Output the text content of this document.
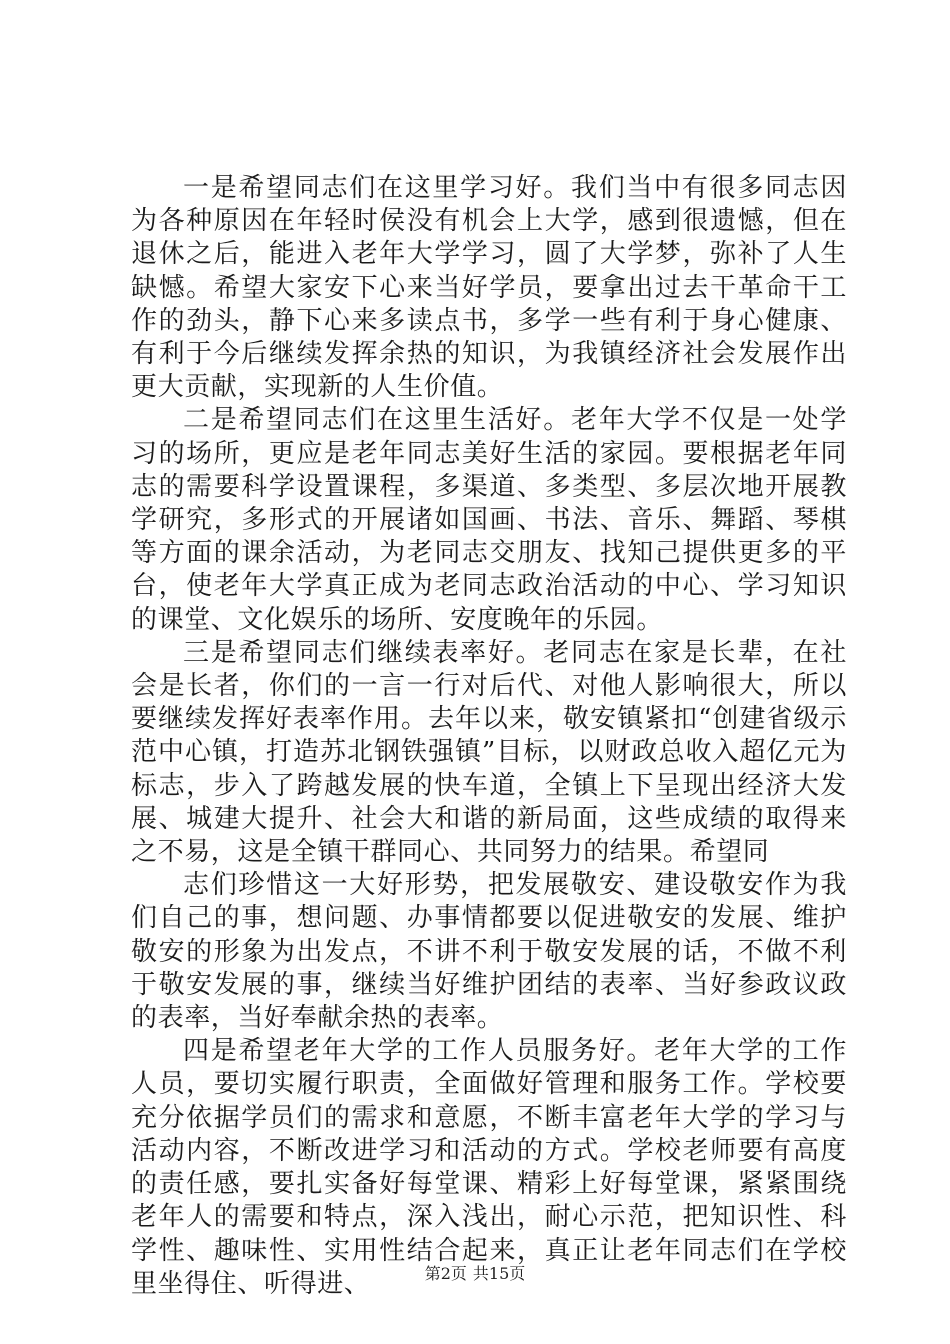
一是希望同志们在这里学习好。我们当中有很多同志因为各种原因在年轻时侯没有机会上大学，感到很遗憾，但在退休之后，能进入老年大学学习，圆了大学梦，弥补了人生缺憾。希望大家安下心来当好学员，要拿出过去干革命干工作的劲头，静下心来多读点书，多学一些有利于身心健康、有利于今后继续发挥余热的知识，为我镇经济社会发展作出更大贡献，实现新的人生价值。

二是希望同志们在这里生活好。老年大学不仅是一处学习的场所，更应是老年同志美好生活的家园。要根据老年同志的需要科学设置课程，多渠道、多类型、多层次地开展教学研究，多形式的开展诸如国画、书法、音乐、舞蹈、琴棋等方面的课余活动，为老同志交朋友、找知己提供更多的平台，使老年大学真正成为老同志政治活动的中心、学习知识的课堂、文化娱乐的场所、安度晚年的乐园。

三是希望同志们继续表率好。老同志在家是长辈，在社会是长者，你们的一言一行对后代、对他人影响很大，所以要继续发挥好表率作用。去年以来，敬安镇紧扣“创建省级示范中心镇，打造苏北钢铁强镇”目标，以财政总收入超亿元为标志，步入了跨越发展的快车道，全镇上下呈现出经济大发展、城建大提升、社会大和谐的新局面，这些成绩的取得来之不易，这是全镇干群同心、共同努力的结果。希望同

志们珍惜这一大好形势，把发展敬安、建设敬安作为我们自己的事，想问题、办事情都要以促进敬安的发展、维护敬安的形象为出发点，不讲不利于敬安发展的话，不做不利于敬安发展的事，继续当好维护团结的表率、当好参政议政的表率，当好奉献余热的表率。

四是希望老年大学的工作人员服务好。老年大学的工作人员，要切实履行职责，全面做好管理和服务工作。学校要充分依据学员们的需求和意愿，不断丰富老年大学的学习与活动内容，不断改进学习和活动的方式。学校老师要有高度的责任感，要扎实备好每堂课、精彩上好每堂课，紧紧围绕老年人的需要和特点，深入浅出，耐心示范，把知识性、科学性、趣味性、实用性结合起来，真正让老年同志们在学校里坐得住、听得进、	第2页 共15页
